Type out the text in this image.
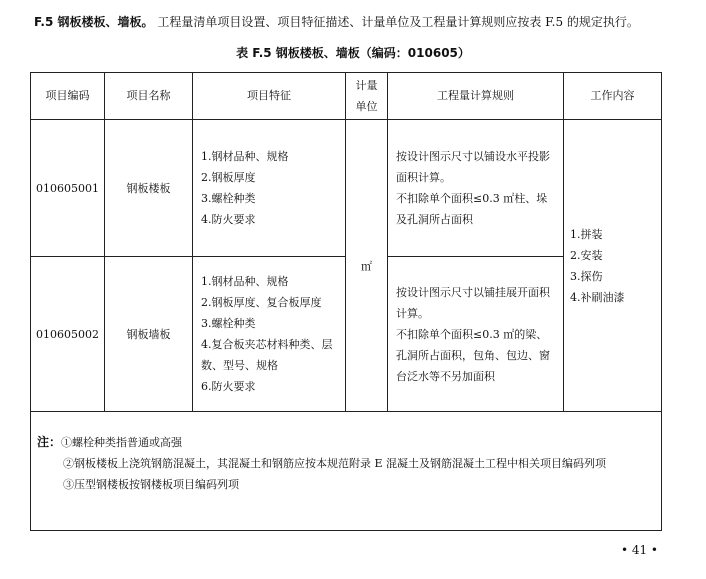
F.5 钢板楼板、墙板。 工程量清单项目设置、项目特征描述、计量单位及工程量计算规则应按表 F.5 的规定执行。
表 F.5 钢板楼板、墙板（编码：010605）
项目编码	项目名称	项目特征	计量
单位	工程量计算规则	工作内容
010605001	钢板楼板	1.钢材品种、规格
2.钢板厚度
3.螺栓种类
4.防火要求	㎡	按设计图示尺寸以铺设水平投影面积计算。
不扣除单个面积≤0.3 ㎡柱、垛及孔洞所占面积	1.拼装
2.安装
3.探伤
4.补刷油漆

010605002	钢板墙板	1.钢材品种、规格
2.钢板厚度、复合板厚度
3.螺栓种类
4.复合板夹芯材料种类、层数、型号、规格
6.防火要求		按设计图示尺寸以铺挂展开面积计算。
不扣除单个面积≤0.3 ㎡的梁、孔洞所占面积，包角、包边、窗台泛水等不另加面积	

注：①螺栓种类指普通或高强
②钢板楼板上浇筑钢筋混凝土，其混凝土和钢筋应按本规范附录 E 混凝土及钢筋混凝土工程中相关项目编码列项
③压型钢楼板按钢楼板项目编码列项					
• 41 •
